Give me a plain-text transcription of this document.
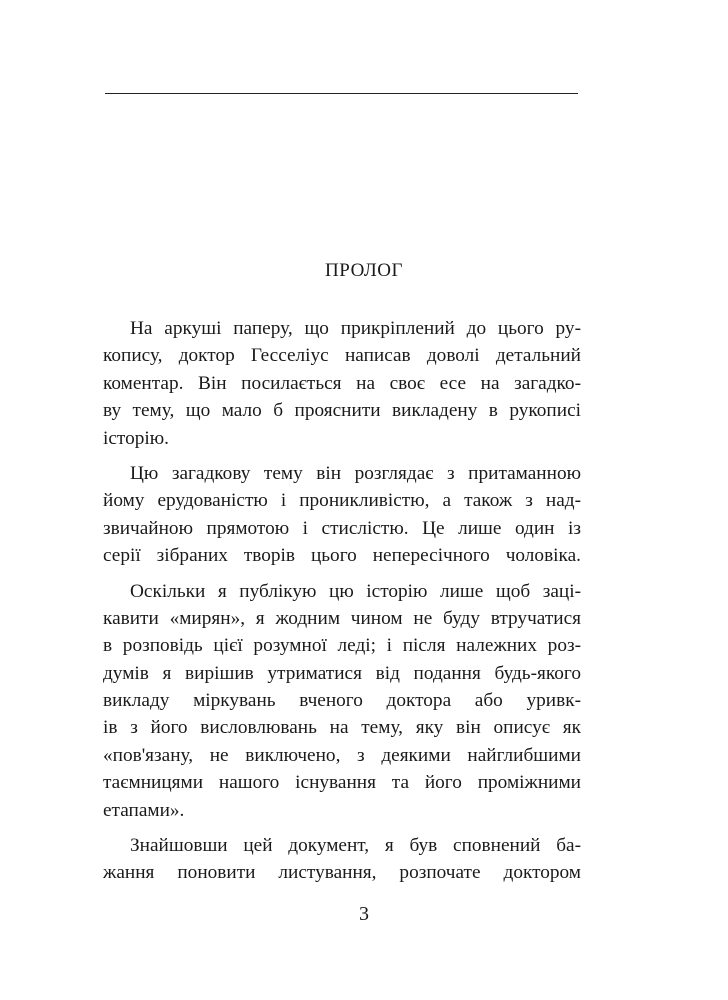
ПРОЛОГ
На аркуші паперу, що прикріплений до цього ру-
копису, доктор Гесселіус написав доволі детальний
коментар. Він посилається на своє есе на загадко-
ву тему, що мало б прояснити викладену в рукописі
історію.
Цю загадкову тему він розглядає з притаманною
йому ерудованістю і проникливістю, а також з над-
звичайною прямотою і стислістю. Це лише один із
серії зібраних творів цього непересічного чоловіка.
Оскільки я публікую цю історію лише щоб заці-
кавити «мирян», я жодним чином не буду втручатися
в розповідь цієї розумної леді; і після належних роз-
думів я вирішив утриматися від подання будь-якого
викладу міркувань вченого доктора або уривк-
ів з його висловлювань на тему, яку він описує як
«пов'язану, не виключено, з деякими найглибшими
таємницями нашого існування та його проміжними
етапами».
Знайшовши цей документ, я був сповнений ба-
жання поновити листування, розпочате доктором
3
